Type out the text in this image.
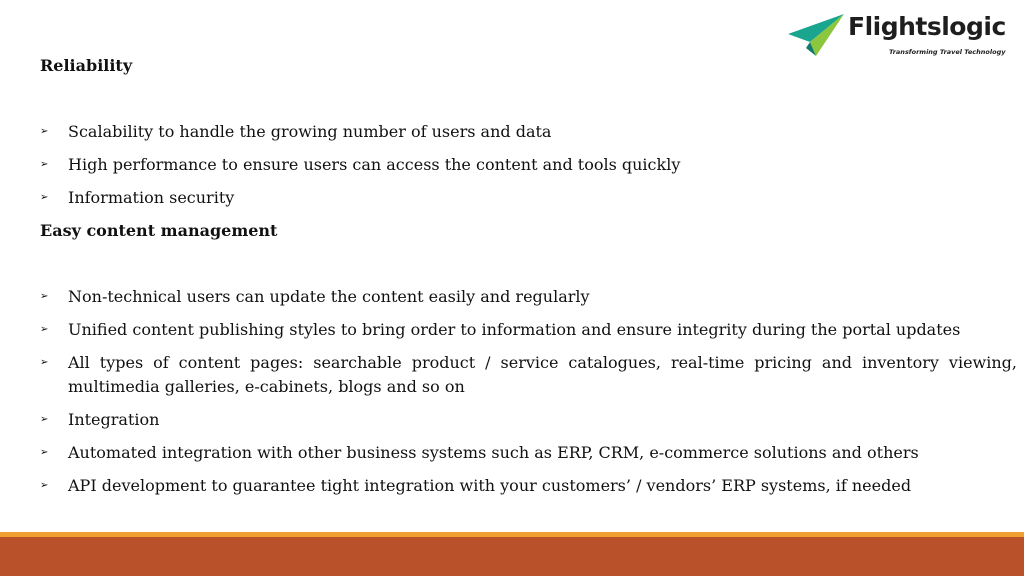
Flightslogic
Transforming Travel Technology

Reliability

➢ Scalability to handle the growing number of users and data
➢ High performance to ensure users can access the content and tools quickly
➢ Information security

Easy content management

➢ Non-technical users can update the content easily and regularly
➢ Unified content publishing styles to bring order to information and ensure integrity during the portal updates
➢ All types of content pages: searchable product / service catalogues, real-time pricing and inventory viewing, multimedia galleries, e-cabinets, blogs and so on
➢ Integration
➢ Automated integration with other business systems such as ERP, CRM, e-commerce solutions and others
➢ API development to guarantee tight integration with your customers’ / vendors’ ERP systems, if needed
